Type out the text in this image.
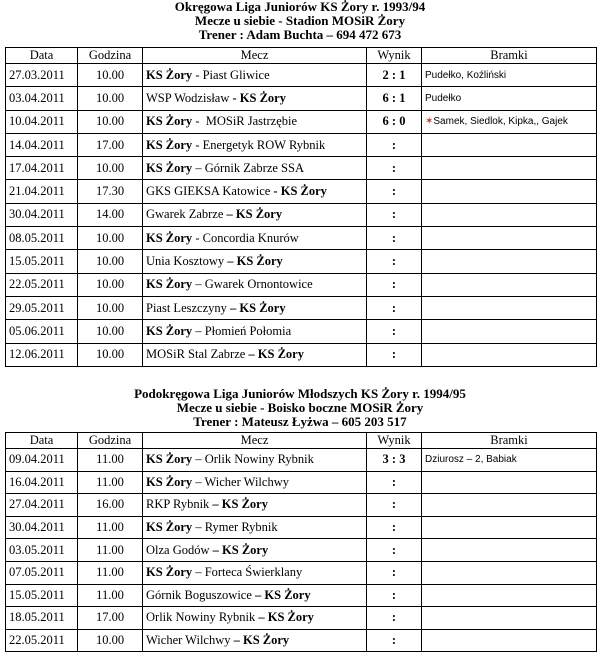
Okręgowa Liga Juniorów KS Żory r. 1993/94
Mecze u siebie - Stadion MOSiR Żory
Trener : Adam Buchta – 694 472 673
Data	Godzina	Mecz	Wynik	Bramki
27.03.2011	10.00	KS Żory - Piast Gliwice	2 : 1	Pudełko, Koźliński
03.04.2011	10.00	WSP Wodzisław - KS Żory	6 : 1	Pudełko
10.04.2011	10.00	KS Żory -  MOSiR Jastrzębie	6 : 0	✶Samek, Siedlok, Kipka,, Gajek
14.04.2011	17.00	KS Żory - Energetyk ROW Rybnik	:	
17.04.2011	10.00	KS Żory – Górnik Zabrze SSA	:	
21.04.2011	17.30	GKS GIEKSA Katowice - KS Żory	:	
30.04.2011	14.00	Gwarek Zabrze – KS Żory	:	
08.05.2011	10.00	KS Żory - Concordia Knurów	:	
15.05.2011	10.00	Unia Kosztowy – KS Żory	:	
22.05.2011	10.00	KS Żory – Gwarek Ornontowice	:	
29.05.2011	10.00	Piast Leszczyny – KS Żory	:	
05.06.2011	10.00	KS Żory – Płomień Połomia	:	
12.06.2011	10.00	MOSiR Stal Zabrze – KS Żory	:	
Podokręgowa Liga Juniorów Młodszych KS Żory r. 1994/95
Mecze u siebie - Boisko boczne MOSiR Żory
Trener : Mateusz Łyżwa – 605 203 517
Data	Godzina	Mecz	Wynik	Bramki
09.04.2011	11.00	KS Żory – Orlik Nowiny Rybnik	3 : 3	Dziurosz – 2, Babiak
16.04.2011	11.00	KS Żory – Wicher Wilchwy	:	
27.04.2011	16.00	RKP Rybnik – KS Żory	:	
30.04.2011	11.00	KS Żory – Rymer Rybnik	:	
03.05.2011	11.00	Olza Godów – KS Żory	:	
07.05.2011	11.00	KS Żory – Forteca Świerklany	:	
15.05.2011	11.00	Górnik Boguszowice – KS Żory	:	
18.05.2011	17.00	Orlik Nowiny Rybnik – KS Żory	:	
22.05.2011	10.00	Wicher Wilchwy – KS Żory	:	
